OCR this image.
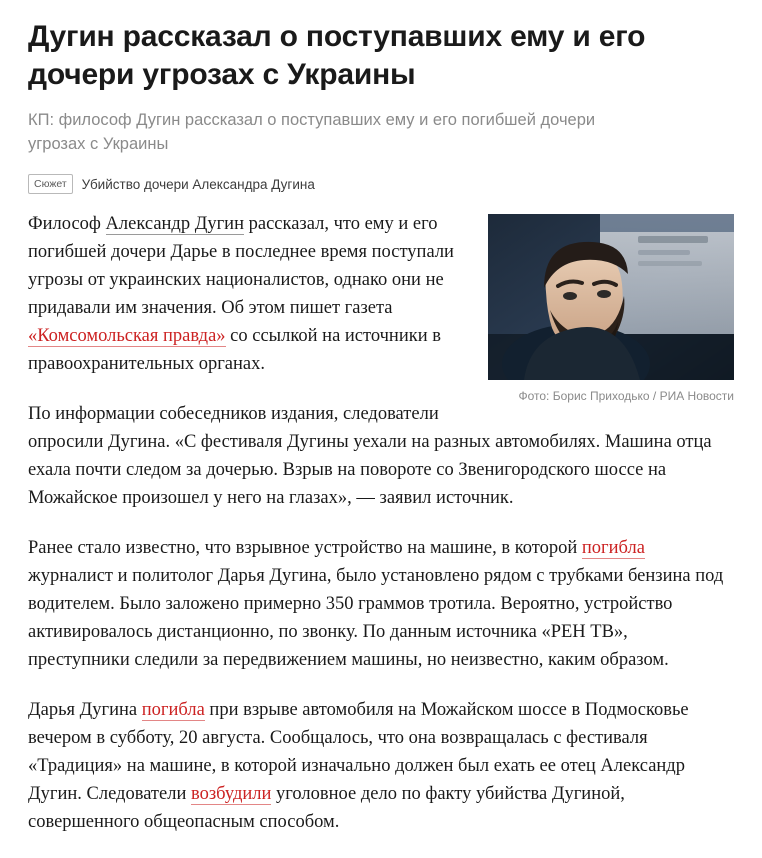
Дугин рассказал о поступавших ему и его дочери угрозах с Украины
КП: философ Дугин рассказал о поступавших ему и его погибшей дочери угрозах с Украины
Сюжет	Убийство дочери Александра Дугина
Фото: Борис Приходько / РИА Новости

Философ Александр Дугин рассказал, что ему и его погибшей дочери Дарье в последнее время поступали угрозы от украинских националистов, однако они не придавали им значения. Об этом пишет газета «Комсомольская правда» со ссылкой на источники в правоохранительных органах.

По информации собеседников издания, следователи опросили Дугина. «С фестиваля Дугины уехали на разных автомобилях. Машина отца ехала почти следом за дочерью. Взрыв на повороте со Звенигородского шоссе на Можайское произошел у него на глазах», — заявил источник.

Ранее стало известно, что взрывное устройство на машине, в которой погибла журналист и политолог Дарья Дугина, было установлено рядом с трубками бензина под водителем. Было заложено примерно 350 граммов тротила. Вероятно, устройство активировалось дистанционно, по звонку. По данным источника «РЕН ТВ», преступники следили за передвижением машины, но неизвестно, каким образом.

Дарья Дугина погибла при взрыве автомобиля на Можайском шоссе в Подмосковье вечером в субботу, 20 августа. Сообщалось, что она возвращалась с фестиваля «Традиция» на машине, в которой изначально должен был ехать ее отец Александр Дугин. Следователи возбудили уголовное дело по факту убийства Дугиной, совершенного общеопасным способом.
